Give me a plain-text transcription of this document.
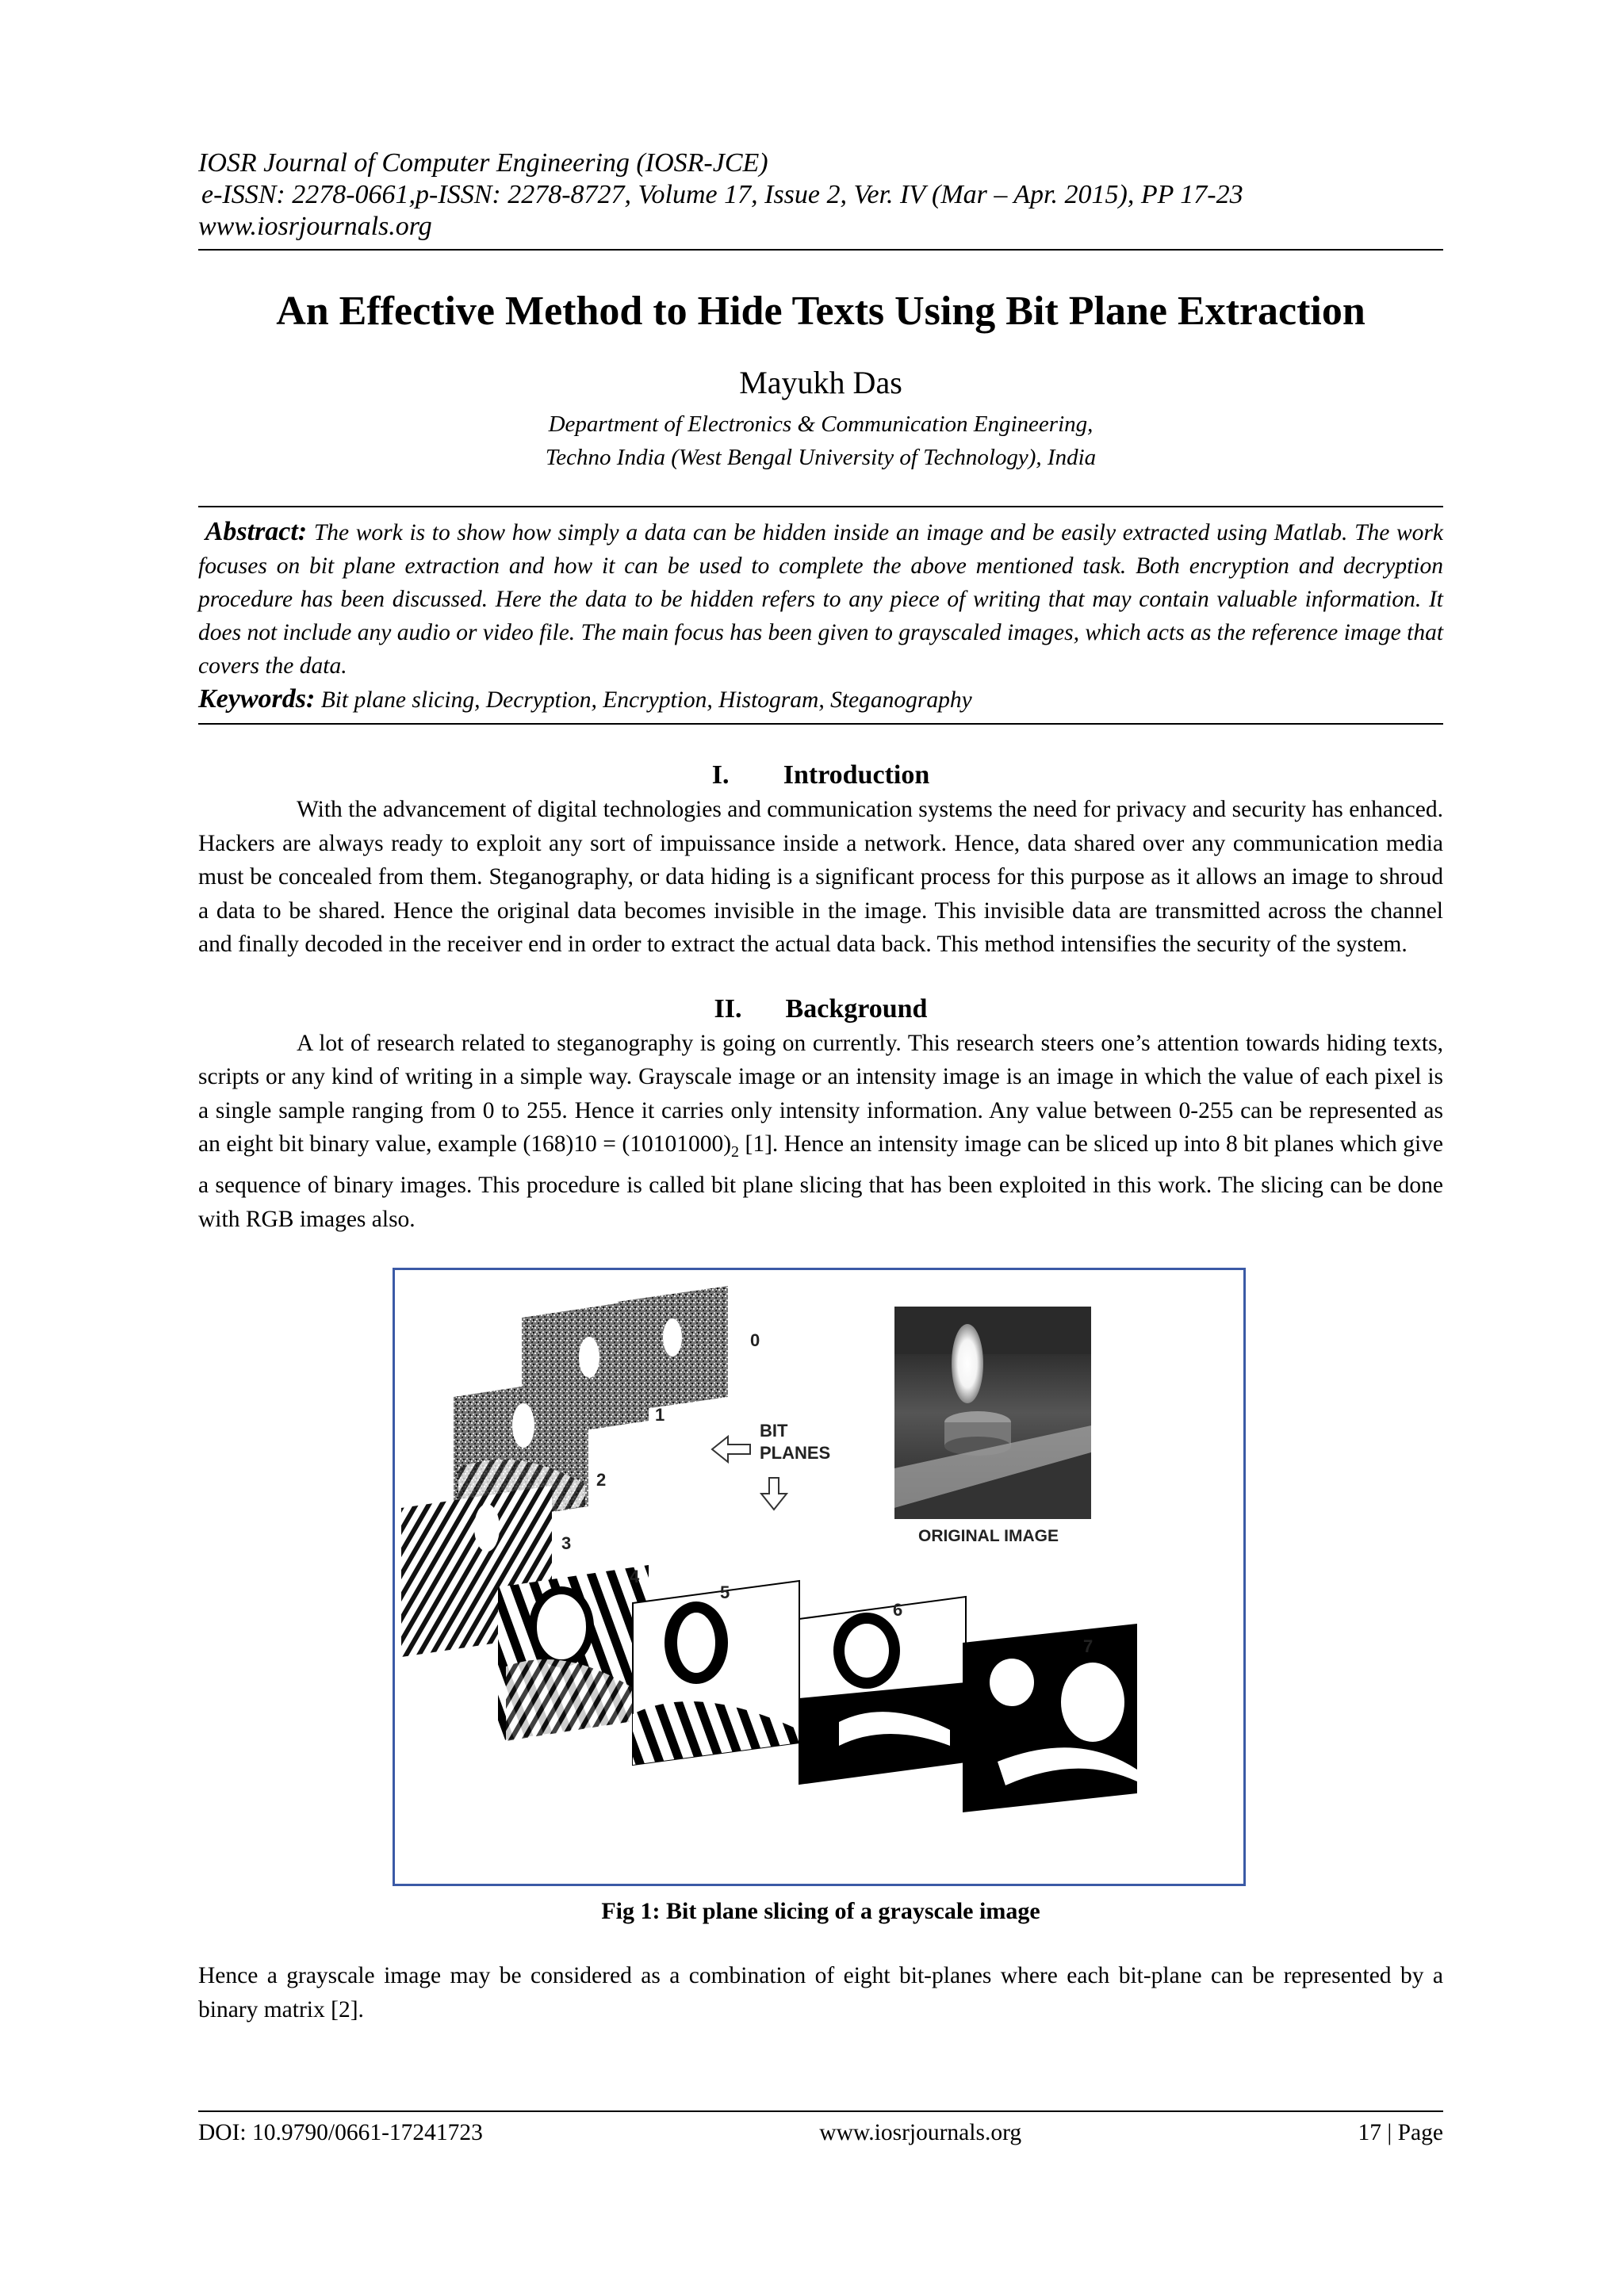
IOSR Journal of Computer Engineering (IOSR-JCE)
e-ISSN: 2278-0661,p-ISSN: 2278-8727, Volume 17, Issue 2, Ver. IV (Mar – Apr. 2015), PP 17-23
www.iosrjournals.org
An Effective Method to Hide Texts Using Bit Plane Extraction
Mayukh Das
Department of Electronics & Communication Engineering,
Techno India (West Bengal University of Technology), India
Abstract: The work is to show how simply a data can be hidden inside an image and be easily extracted using Matlab. The work focuses on bit plane extraction and how it can be used to complete the above mentioned task. Both encryption and decryption procedure has been discussed. Here the data to be hidden refers to any piece of writing that may contain valuable information. It does not include any audio or video file. The main focus has been given to grayscaled images, which acts as the reference image that covers the data.
Keywords: Bit plane slicing, Decryption, Encryption, Histogram, Steganography
I. Introduction
With the advancement of digital technologies and communication systems the need for privacy and security has enhanced. Hackers are always ready to exploit any sort of impuissance inside a network. Hence, data shared over any communication media must be concealed from them. Steganography, or data hiding is a significant process for this purpose as it allows an image to shroud a data to be shared. Hence the original data becomes invisible in the image. This invisible data are transmitted across the channel and finally decoded in the receiver end in order to extract the actual data back. This method intensifies the security of the system.
II. Background
A lot of research related to steganography is going on currently. This research steers one’s attention towards hiding texts, scripts or any kind of writing in a simple way. Grayscale image or an intensity image is an image in which the value of each pixel is a single sample ranging from 0 to 255. Hence it carries only intensity information. Any value between 0-255 can be represented as an eight bit binary value, example $(168)10 = (10101000)_2$ [1]. Hence an intensity image can be sliced up into 8 bit planes which give a sequence of binary images. This procedure is called bit plane slicing that has been exploited in this work. The slicing can be done with RGB images also.
0
1
2
3
4
5
6
7
BIT
PLANES
ORIGINAL IMAGE
Fig 1: Bit plane slicing of a grayscale image
Hence a grayscale image may be considered as a combination of eight bit-planes where each bit-plane can be represented by a binary matrix [2].
DOI: 10.9790/0661-17241723	www.iosrjournals.org	17 | Page
